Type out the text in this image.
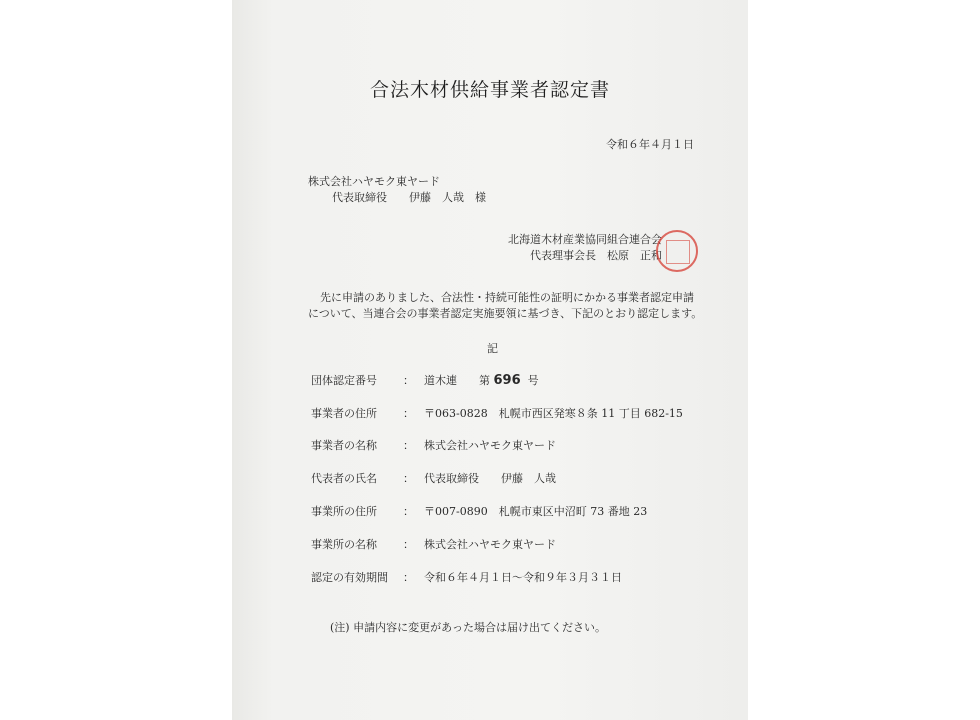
合法木材供給事業者認定書
令和６年４月１日
株式会社ハヤモク東ヤード
代表取締役　　伊藤　人哉　様
北海道木材産業協同組合連合会
代表理事会長　松原　正和
先に申請のありました、合法性・持続可能性の証明にかかる事業者認定申請
について、当連合会の事業者認定実施要領に基づき、下記のとおり認定します。
記
団体認定番号 ： 道木連　　第 696 号
事業者の住所 ： 〒063-0828　札幌市西区発寒８条 11 丁目 682-15
事業者の名称 ： 株式会社ハヤモク東ヤード
代表者の氏名 ： 代表取締役　　伊藤　人哉
事業所の住所 ： 〒007-0890　札幌市東区中沼町 73 番地 23
事業所の名称 ： 株式会社ハヤモク東ヤード
認定の有効期間 ： 令和６年４月１日～令和９年３月３１日
(注) 申請内容に変更があった場合は届け出てください。
